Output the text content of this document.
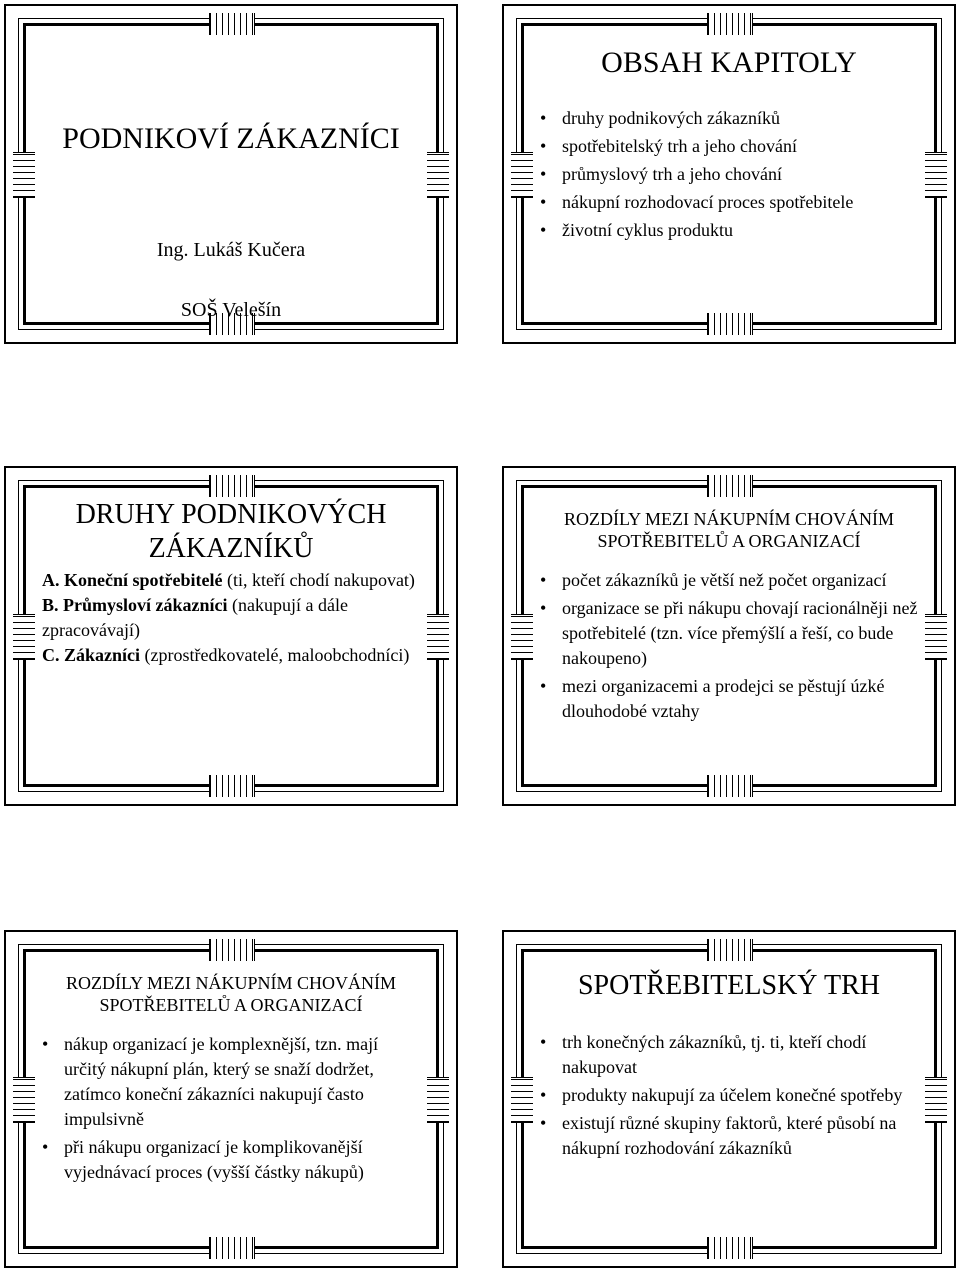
PODNIKOVÍ ZÁKAZNÍCI
Ing. Lukáš Kučera
SOŠ Velešín
OBSAH KAPITOLY
• druhy podnikových zákazníků
• spotřebitelský trh a jeho chování
• průmyslový trh a jeho chování
• nákupní rozhodovací proces spotřebitele
• životní cyklus produktu
DRUHY PODNIKOVÝCH ZÁKAZNÍKŮ
A. Koneční spotřebitelé (ti, kteří chodí nakupovat)
B. Průmysloví zákazníci (nakupují a dále zpracovávají)
C. Zákazníci (zprostředkovatelé, maloobchodníci)
ROZDÍLY MEZI NÁKUPNÍM CHOVÁNÍM
SPOTŘEBITELŮ A ORGANIZACÍ
• počet zákazníků je větší než počet organizací
• organizace se při nákupu chovají racionálněji než spotřebitelé (tzn. více přemýšlí a řeší, co bude nakoupeno)
• mezi organizacemi a prodejci se pěstují úzké dlouhodobé vztahy
ROZDÍLY MEZI NÁKUPNÍM CHOVÁNÍM
SPOTŘEBITELŮ A ORGANIZACÍ
• nákup organizací je komplexnější, tzn. mají určitý nákupní plán, který se snaží dodržet, zatímco koneční zákazníci nakupují často impulsivně
• při nákupu organizací je komplikovanější vyjednávací proces (vyšší částky nákupů)
SPOTŘEBITELSKÝ TRH
• trh konečných zákazníků, tj. ti, kteří chodí nakupovat
• produkty nakupují za účelem konečné spotřeby
• existují různé skupiny faktorů, které působí na nákupní rozhodování zákazníků
